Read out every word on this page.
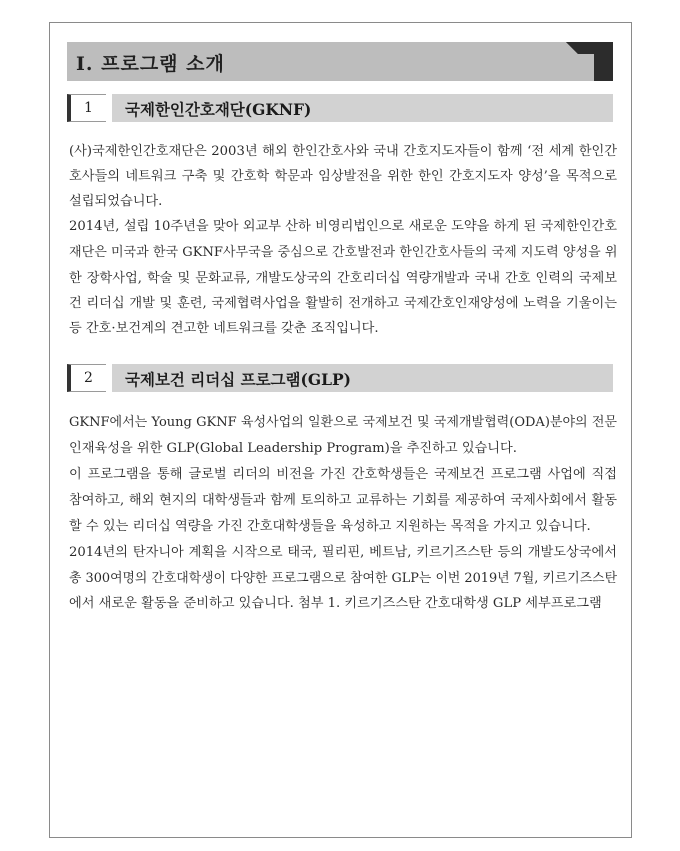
Ⅰ. 프로그램 소개
1	국제한인간호재단(GKNF)
(사)국제한인간호재단은 2003년 해외 한인간호사와 국내 간호지도자들이 함께 ‘전 세계 한인간
호사들의 네트워크 구축 및 간호학 학문과 임상발전을 위한 한인 간호지도자 양성’을 목적으로
설립되었습니다.
2014년, 설립 10주년을 맞아 외교부 산하 비영리법인으로 새로운 도약을 하게 된 국제한인간호
재단은 미국과 한국 GKNF사무국을 중심으로 간호발전과 한인간호사들의 국제 지도력 양성을 위
한 장학사업, 학술 및 문화교류, 개발도상국의 간호리더십 역량개발과 국내 간호 인력의 국제보
건 리더십 개발 및 훈련, 국제협력사업을 활발히 전개하고 국제간호인재양성에 노력을 기울이는
등 간호·보건계의 견고한 네트워크를 갖춘 조직입니다.
2	국제보건 리더십 프로그램(GLP)
GKNF에서는 Young GKNF 육성사업의 일환으로 국제보건 및 국제개발협력(ODA)분야의 전문
인재육성을 위한 GLP(Global Leadership Program)을 추진하고 있습니다.
이 프로그램을 통해 글로벌 리더의 비전을 가진 간호학생들은 국제보건 프로그램 사업에 직접
참여하고, 해외 현지의 대학생들과 함께 토의하고 교류하는 기회를 제공하여 국제사회에서 활동
할 수 있는 리더십 역량을 가진 간호대학생들을 육성하고 지원하는 목적을 가지고 있습니다.
2014년의 탄자니아 계획을 시작으로 태국, 필리핀, 베트남, 키르기즈스탄 등의 개발도상국에서
총 300여명의 간호대학생이 다양한 프로그램으로 참여한 GLP는 이번 2019년 7월, 키르기즈스탄
에서 새로운 활동을 준비하고 있습니다. 첨부 1. 키르기즈스탄 간호대학생 GLP 세부프로그램
